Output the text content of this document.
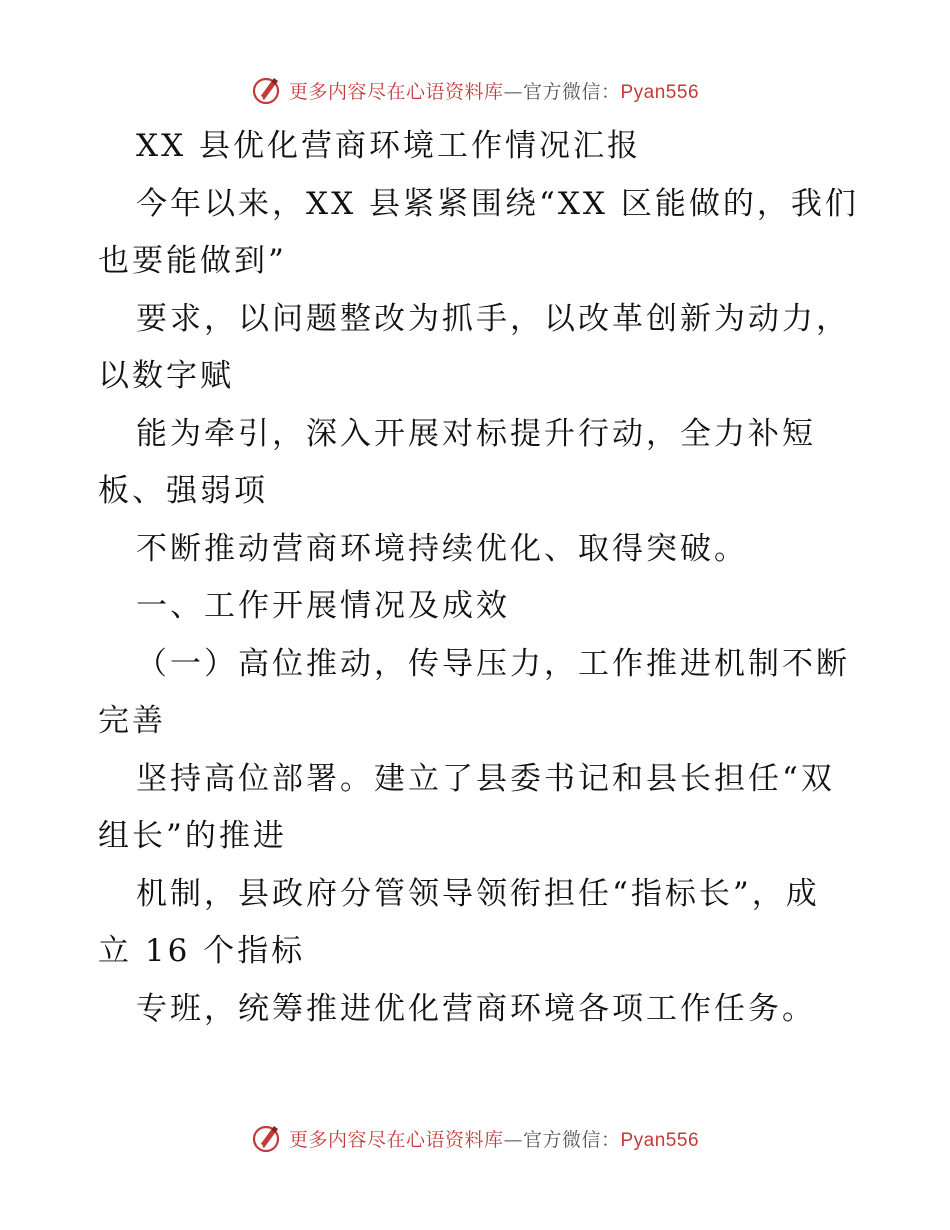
更多内容尽在心语资料库—官方微信：Pyan556
XX 县优化营商环境工作情况汇报
今年以来，XX 县紧紧围绕“XX 区能做的，我们
也要能做到”
要求，以问题整改为抓手，以改革创新为动力，
以数字赋
能为牵引，深入开展对标提升行动，全力补短
板、强弱项
不断推动营商环境持续优化、取得突破。
一、工作开展情况及成效
（一）高位推动，传导压力，工作推进机制不断
完善
坚持高位部署。建立了县委书记和县长担任“双
组长”的推进
机制，县政府分管领导领衔担任“指标长”，成
立 16 个指标
专班，统筹推进优化营商环境各项工作任务。
更多内容尽在心语资料库—官方微信：Pyan556
